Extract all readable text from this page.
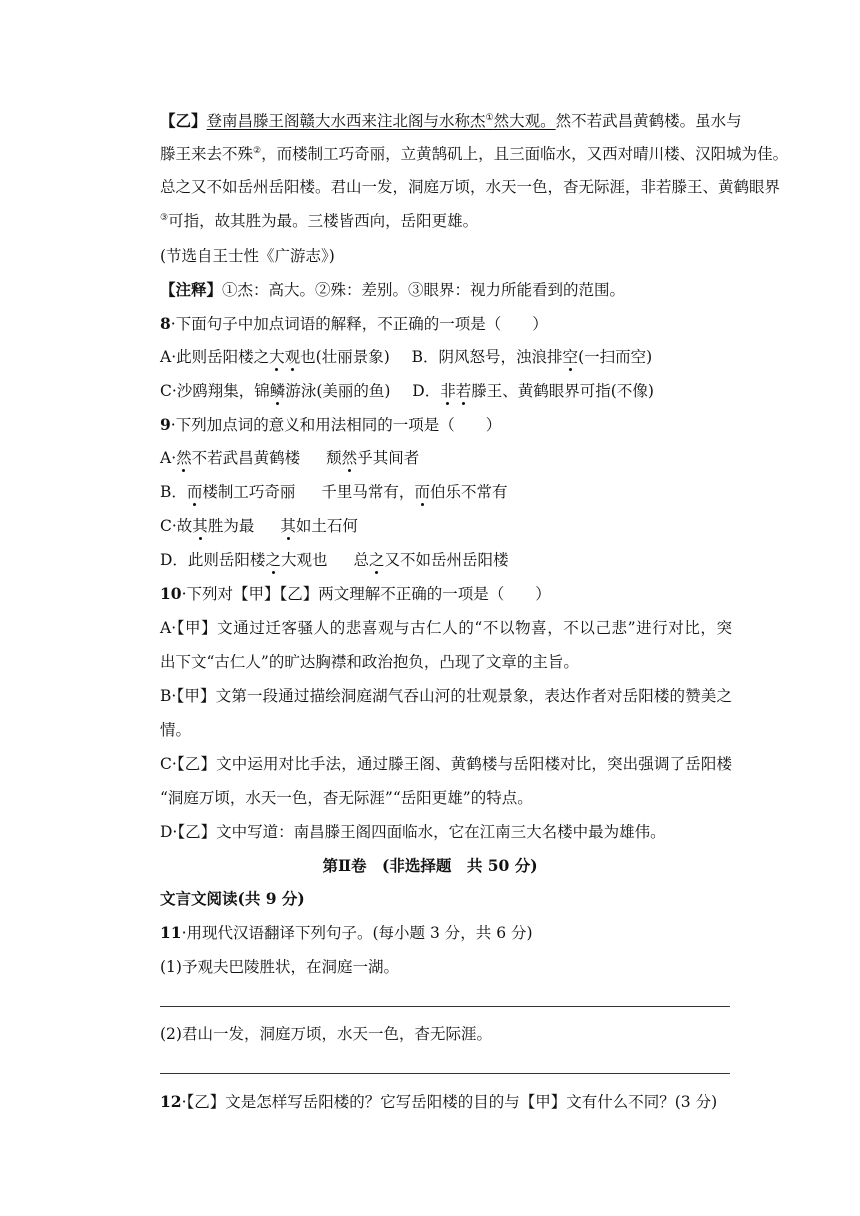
【乙】登南昌滕王阁赣大水西来注北阁与水称杰①然大观。然不若武昌黄鹤楼。虽水与
滕王来去不殊②，而楼制工巧奇丽，立黄鹄矶上，且三面临水，又西对晴川楼、汉阳城为佳。
总之又不如岳州岳阳楼。君山一发，洞庭万顷，水天一色，杳无际涯，非若滕王、黄鹤眼界
③可指，故其胜为最。三楼皆西向，岳阳更雄。
(节选自王士性《广游志》)
【注释】①杰：高大。②殊：差别。③眼界：视力所能看到的范围。
8·下面句子中加点词语的解释，不正确的一项是（　　）
A·此则岳阳楼之大观也(壮丽景象) B．阴风怒号，浊浪排空(一扫而空)
C·沙鸥翔集，锦鳞游泳(美丽的鱼) D．非若滕王、黄鹤眼界可指(不像)
9·下列加点词的意义和用法相同的一项是（　　）
A·然不若武昌黄鹤楼 颓然乎其间者
B．而楼制工巧奇丽 千里马常有，而伯乐不常有
C·故其胜为最 其如土石何
D．此则岳阳楼之大观也 总之又不如岳州岳阳楼
10·下列对【甲】【乙】两文理解不正确的一项是（　　）
A·【甲】文通过迁客骚人的悲喜观与古仁人的“不以物喜，不以己悲”进行对比，突
出下文“古仁人”的旷达胸襟和政治抱负，凸现了文章的主旨。
B·【甲】文第一段通过描绘洞庭湖气吞山河的壮观景象，表达作者对岳阳楼的赞美之
情。
C·【乙】文中运用对比手法，通过滕王阁、黄鹤楼与岳阳楼对比，突出强调了岳阳楼
“洞庭万顷，水天一色，杳无际涯”“岳阳更雄”的特点。
D·【乙】文中写道：南昌滕王阁四面临水，它在江南三大名楼中最为雄伟。
第Ⅱ卷　(非选择题　共 50 分)
文言文阅读(共 9 分)
11·用现代汉语翻译下列句子。(每小题 3 分，共 6 分)
(1)予观夫巴陵胜状，在洞庭一湖。
(2)君山一发，洞庭万顷，水天一色，杳无际涯。
12·【乙】文是怎样写岳阳楼的？它写岳阳楼的目的与【甲】文有什么不同？(3 分)
